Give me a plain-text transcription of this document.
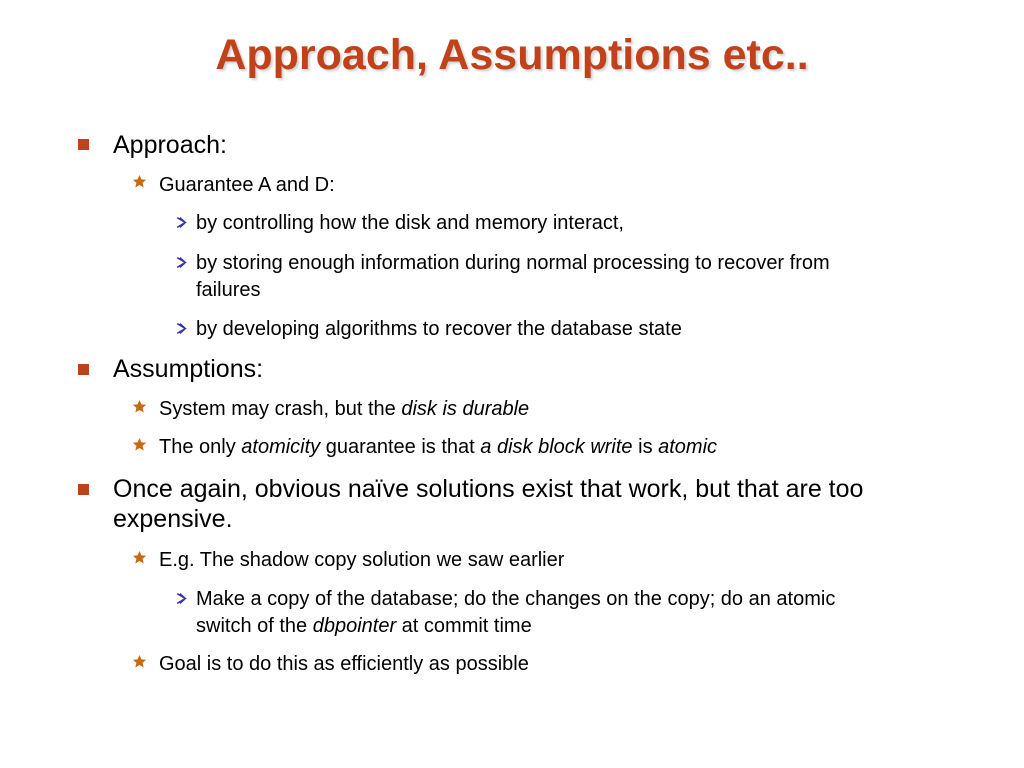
Approach, Assumptions etc..
Approach:
Guarantee A and D:
by controlling how the disk and memory interact,
by storing enough information during normal processing to recover from
failures
by developing algorithms to recover the database state
Assumptions:
System may crash, but the disk is durable
The only atomicity guarantee is that a disk block write is atomic
Once again, obvious naïve solutions exist that work, but that are too
expensive.
E.g. The shadow copy solution we saw earlier
Make a copy of the database; do the changes on the copy; do an atomic
switch of the dbpointer at commit time
Goal is to do this as efficiently as possible
